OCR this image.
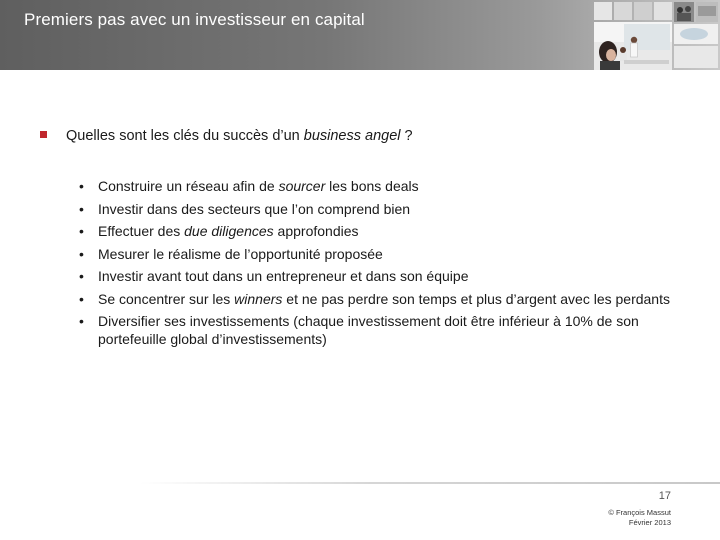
Premiers pas avec un investisseur en capital
Quelles sont les clés du succès d’un business angel ?
• Construire un réseau afin de sourcer les bons deals
• Investir dans des secteurs que l’on comprend bien
• Effectuer des due diligences approfondies
• Mesurer le réalisme de l’opportunité proposée
• Investir avant tout dans un entrepreneur et dans son équipe
• Se concentrer sur les winners et ne pas perdre son temps et plus d’argent avec les perdants
• Diversifier ses investissements (chaque investissement doit être inférieur à 10% de son portefeuille global d’investissements)
17
© François Massut
Février 2013
